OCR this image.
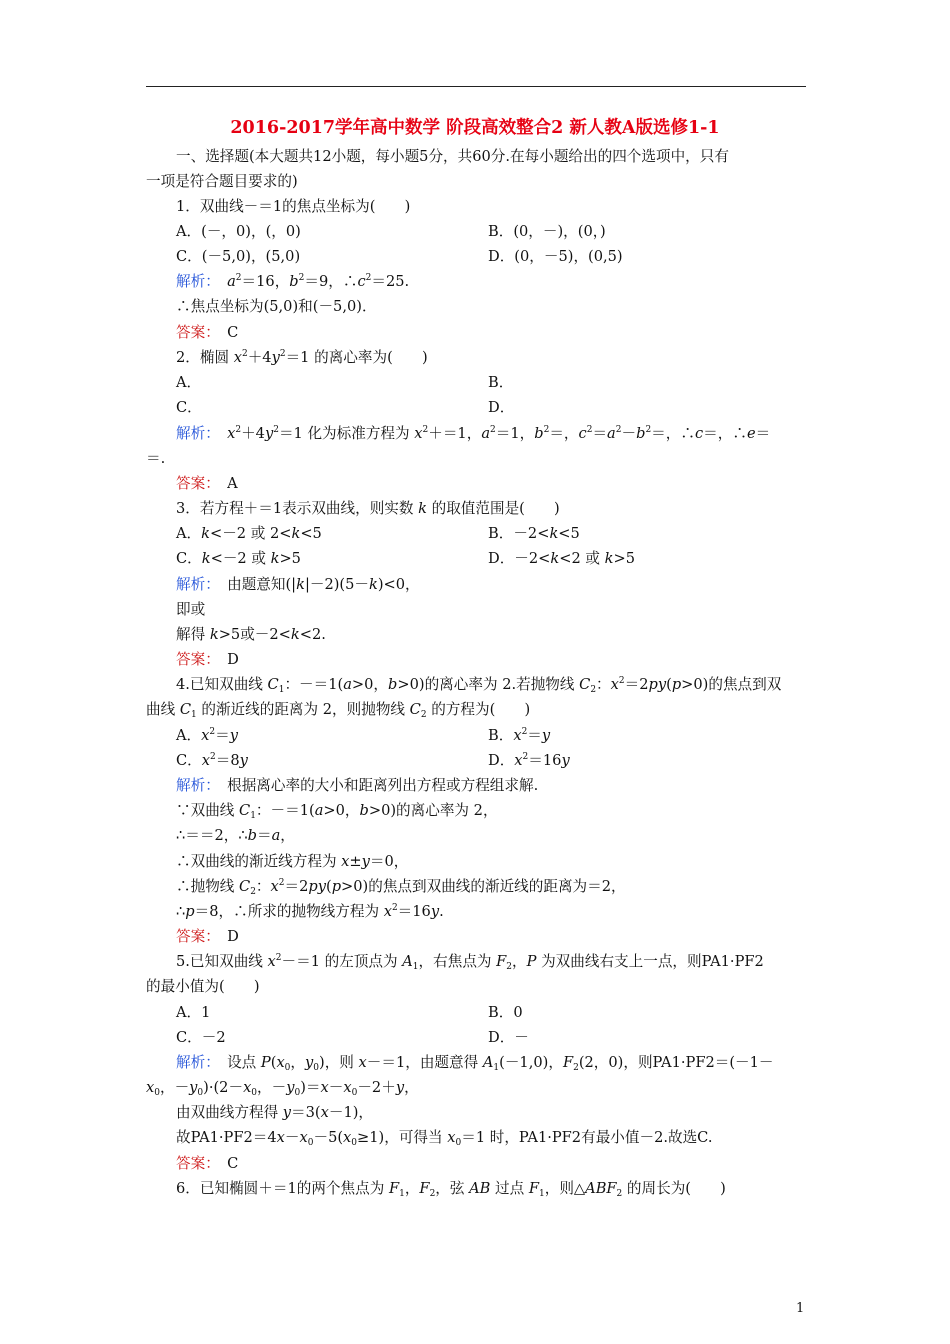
2016-2017学年高中数学 阶段高效整合2 新人教A版选修1-1
一、选择题(本大题共12小题，每小题5分，共60分.在每小题给出的四个选项中，只有
一项是符合题目要求的)
1．双曲线－＝1的焦点坐标为(　　)
A．(－，0)，(，0)	B．(0，－)，(0，)
C．(－5,0)，(5,0)	D．(0，－5)，(0,5)
解析：　 $a^2=16$，$b^2=9$，$\therefore c^2=25$.
∴焦点坐标为(5,0)和(－5,0)．
答案：　 C
2．椭圆 $x^2+4y^2=1$ 的离心率为(　　)
A．	B．
C．	D．
解析：　 $x^2+4y^2=1$ 化为标准方程为 $x^2+=1$，$a^2=1$，$b^2=$，$c^2=a^2-b^2=$，∴c＝，∴e＝
＝.
答案：　 A
3．若方程＋＝1表示双曲线，则实数 k 的取值范围是(　　)
A．k<－2 或 2<k<5	B．－2<k<5
C．k<－2 或 k>5	D．－2<k<2 或 k>5
解析：　 由题意知(|k|－2)(5－k)<0，
即或
解得 k>5或－2<k<2.
答案：　 D
4.已知双曲线 $C_1$：－＝1(a>0，b>0)的离心率为 2.若抛物线 $C_2$：$x^2=2py(p>0)$的焦点到双
曲线 $C_1$ 的渐近线的距离为 2，则抛物线 $C_2$ 的方程为(　　)
A．$x^2=y$	B．$x^2=y$
C．$x^2=8y$	D．$x^2=16y$
解析：　 根据离心率的大小和距离列出方程或方程组求解.
∵双曲线 $C_1$：－＝1(a>0，b>0)的离心率为 2，
∴＝＝2，∴b＝a，
∴双曲线的渐近线方程为 x±y＝0，
∴抛物线 $C_2$：$x^2=2py(p>0)$的焦点到双曲线的渐近线的距离为＝2，
∴p＝8，∴所求的抛物线方程为 $x^2=16y$.
答案：　 D
5.已知双曲线 $x^2-=1$ 的左顶点为 $A_1$，右焦点为 $F_2$，P 为双曲线右支上一点，则PA1·PF2
的最小值为(　　)
A．1	B．0
C．－2	D．－
解析：　设点 $P(x_0$，$y_0$)，则 x－＝1，由题意得 $A_1(-1,0)$，$F_2(2$，0)，则PA1·PF2＝(－1－
$x_0$，$-y_0)\cdot(2-x_0$，$-y_0)=x-x_0-2+y$，
由双曲线方程得 y＝3(x－1)，
故$PA1\cdot PF2=4x-x_0-5(x_0\ge 1)$，可得当 $x_0=1$ 时，PA1·PF2有最小值－2.故选C.
答案：　 C
6．已知椭圆＋＝1的两个焦点为 $F_1$，$F_2$，弦 AB 过点 $F_1$，则$\triangle ABF_2$ 的周长为(　　)
1
